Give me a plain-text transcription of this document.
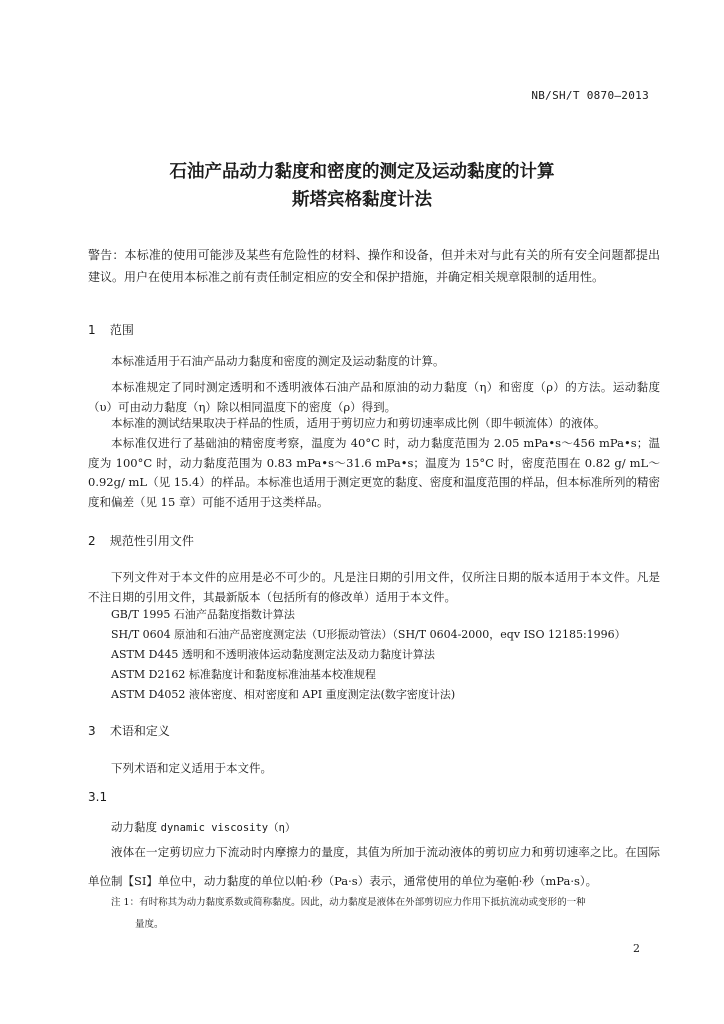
NB/SH/T 0870—2013
石油产品动力黏度和密度的测定及运动黏度的计算
斯塔宾格黏度计法
警告：本标准的使用可能涉及某些有危险性的材料、操作和设备，但并未对与此有关的所有安全问题都提出建议。用户在使用本标准之前有责任制定相应的安全和保护措施，并确定相关规章限制的适用性。
1 范围
本标准适用于石油产品动力黏度和密度的测定及运动黏度的计算。
本标准规定了同时测定透明和不透明液体石油产品和原油的动力黏度（η）和密度（ρ）的方法。运动黏度（υ）可由动力黏度（η）除以相同温度下的密度（ρ）得到。
本标准的测试结果取决于样品的性质，适用于剪切应力和剪切速率成比例（即牛顿流体）的液体。
本标准仅进行了基础油的精密度考察，温度为 40°C 时，动力黏度范围为 2.05 mPa•s～456 mPa•s；温度为 100°C 时，动力黏度范围为 0.83 mPa•s～31.6 mPa•s；温度为 15°C 时，密度范围在 0.82 g/ mL～0.92g/ mL（见 15.4）的样品。本标准也适用于测定更宽的黏度、密度和温度范围的样品，但本标准所列的精密度和偏差（见 15 章）可能不适用于这类样品。
2 规范性引用文件
下列文件对于本文件的应用是必不可少的。凡是注日期的引用文件，仅所注日期的版本适用于本文件。凡是不注日期的引用文件，其最新版本（包括所有的修改单）适用于本文件。
GB/T 1995 石油产品黏度指数计算法
SH/T 0604 原油和石油产品密度测定法（U形振动管法）（SH/T 0604-2000，eqv ISO 12185:1996）
ASTM D445 透明和不透明液体运动黏度测定法及动力黏度计算法
ASTM D2162 标准黏度计和黏度标准油基本校准规程
ASTM D4052 液体密度、相对密度和 API 重度测定法(数字密度计法)
3 术语和定义
下列术语和定义适用于本文件。
3.1
动力黏度 dynamic viscosity（η）
液体在一定剪切应力下流动时内摩擦力的量度，其值为所加于流动液体的剪切应力和剪切速率之比。在国际单位制【SI】单位中，动力黏度的单位以帕·秒（Pa·s）表示，通常使用的单位为毫帕·秒（mPa·s）。
注 1：有时称其为动力黏度系数或简称黏度。因此，动力黏度是液体在外部剪切应力作用下抵抗流动或变形的一种
量度。
2
